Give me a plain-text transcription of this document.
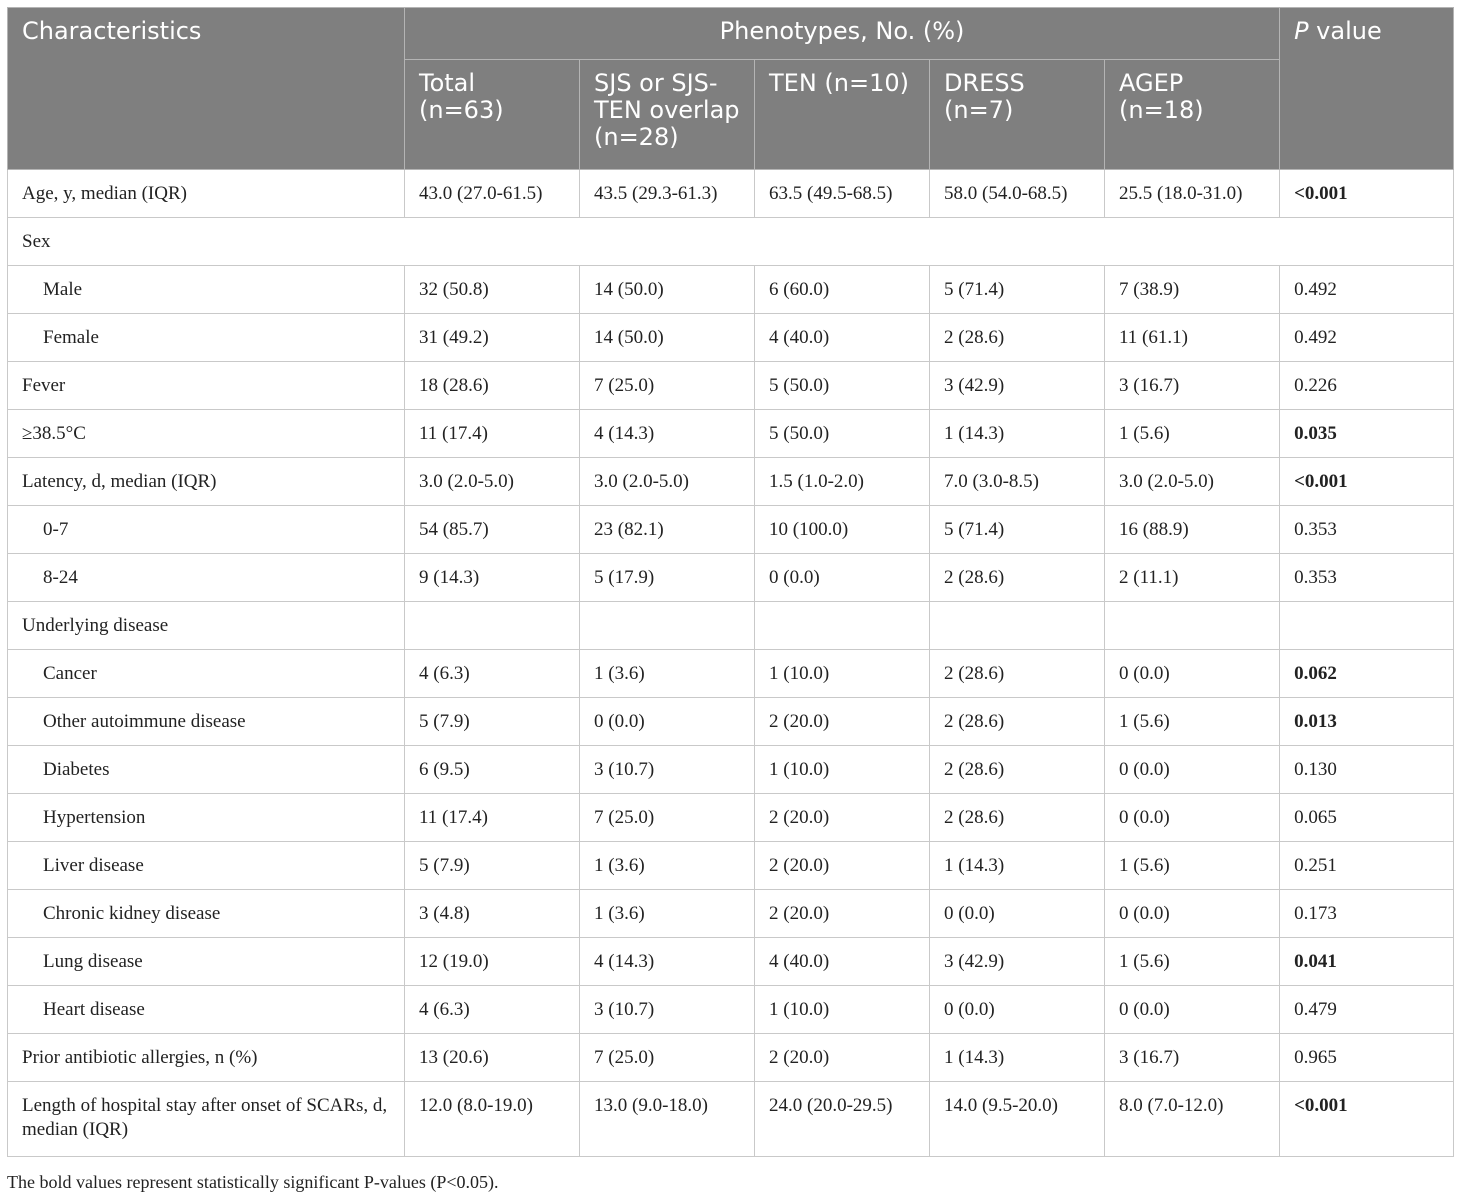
Characteristics	Phenotypes, No. (%)					P value
	Total (n=63)	SJS or SJS-TEN overlap (n=28)	TEN (n=10)	DRESS (n=7)	AGEP (n=18)	
Age, y, median (IQR)	43.0 (27.0-61.5)	43.5 (29.3-61.3)	63.5 (49.5-68.5)	58.0 (54.0-68.5)	25.5 (18.0-31.0)	<0.001
Sex						
Male	32 (50.8)	14 (50.0)	6 (60.0)	5 (71.4)	7 (38.9)	0.492
Female	31 (49.2)	14 (50.0)	4 (40.0)	2 (28.6)	11 (61.1)	0.492
Fever	18 (28.6)	7 (25.0)	5 (50.0)	3 (42.9)	3 (16.7)	0.226
≥38.5°C	11 (17.4)	4 (14.3)	5 (50.0)	1 (14.3)	1 (5.6)	0.035
Latency, d, median (IQR)	3.0 (2.0-5.0)	3.0 (2.0-5.0)	1.5 (1.0-2.0)	7.0 (3.0-8.5)	3.0 (2.0-5.0)	<0.001
0-7	54 (85.7)	23 (82.1)	10 (100.0)	5 (71.4)	16 (88.9)	0.353
8-24	9 (14.3)	5 (17.9)	0 (0.0)	2 (28.6)	2 (11.1)	0.353
Underlying disease						
Cancer	4 (6.3)	1 (3.6)	1 (10.0)	2 (28.6)	0 (0.0)	0.062
Other autoimmune disease	5 (7.9)	0 (0.0)	2 (20.0)	2 (28.6)	1 (5.6)	0.013
Diabetes	6 (9.5)	3 (10.7)	1 (10.0)	2 (28.6)	0 (0.0)	0.130
Hypertension	11 (17.4)	7 (25.0)	2 (20.0)	2 (28.6)	0 (0.0)	0.065
Liver disease	5 (7.9)	1 (3.6)	2 (20.0)	1 (14.3)	1 (5.6)	0.251
Chronic kidney disease	3 (4.8)	1 (3.6)	2 (20.0)	0 (0.0)	0 (0.0)	0.173
Lung disease	12 (19.0)	4 (14.3)	4 (40.0)	3 (42.9)	1 (5.6)	0.041
Heart disease	4 (6.3)	3 (10.7)	1 (10.0)	0 (0.0)	0 (0.0)	0.479
Prior antibiotic allergies, n (%)	13 (20.6)	7 (25.0)	2 (20.0)	1 (14.3)	3 (16.7)	0.965
Length of hospital stay after onset of SCARs, d, median (IQR)	12.0 (8.0-19.0)	13.0 (9.0-18.0)	24.0 (20.0-29.5)	14.0 (9.5-20.0)	8.0 (7.0-12.0)	<0.001
The bold values represent statistically significant P-values (P<0.05).
